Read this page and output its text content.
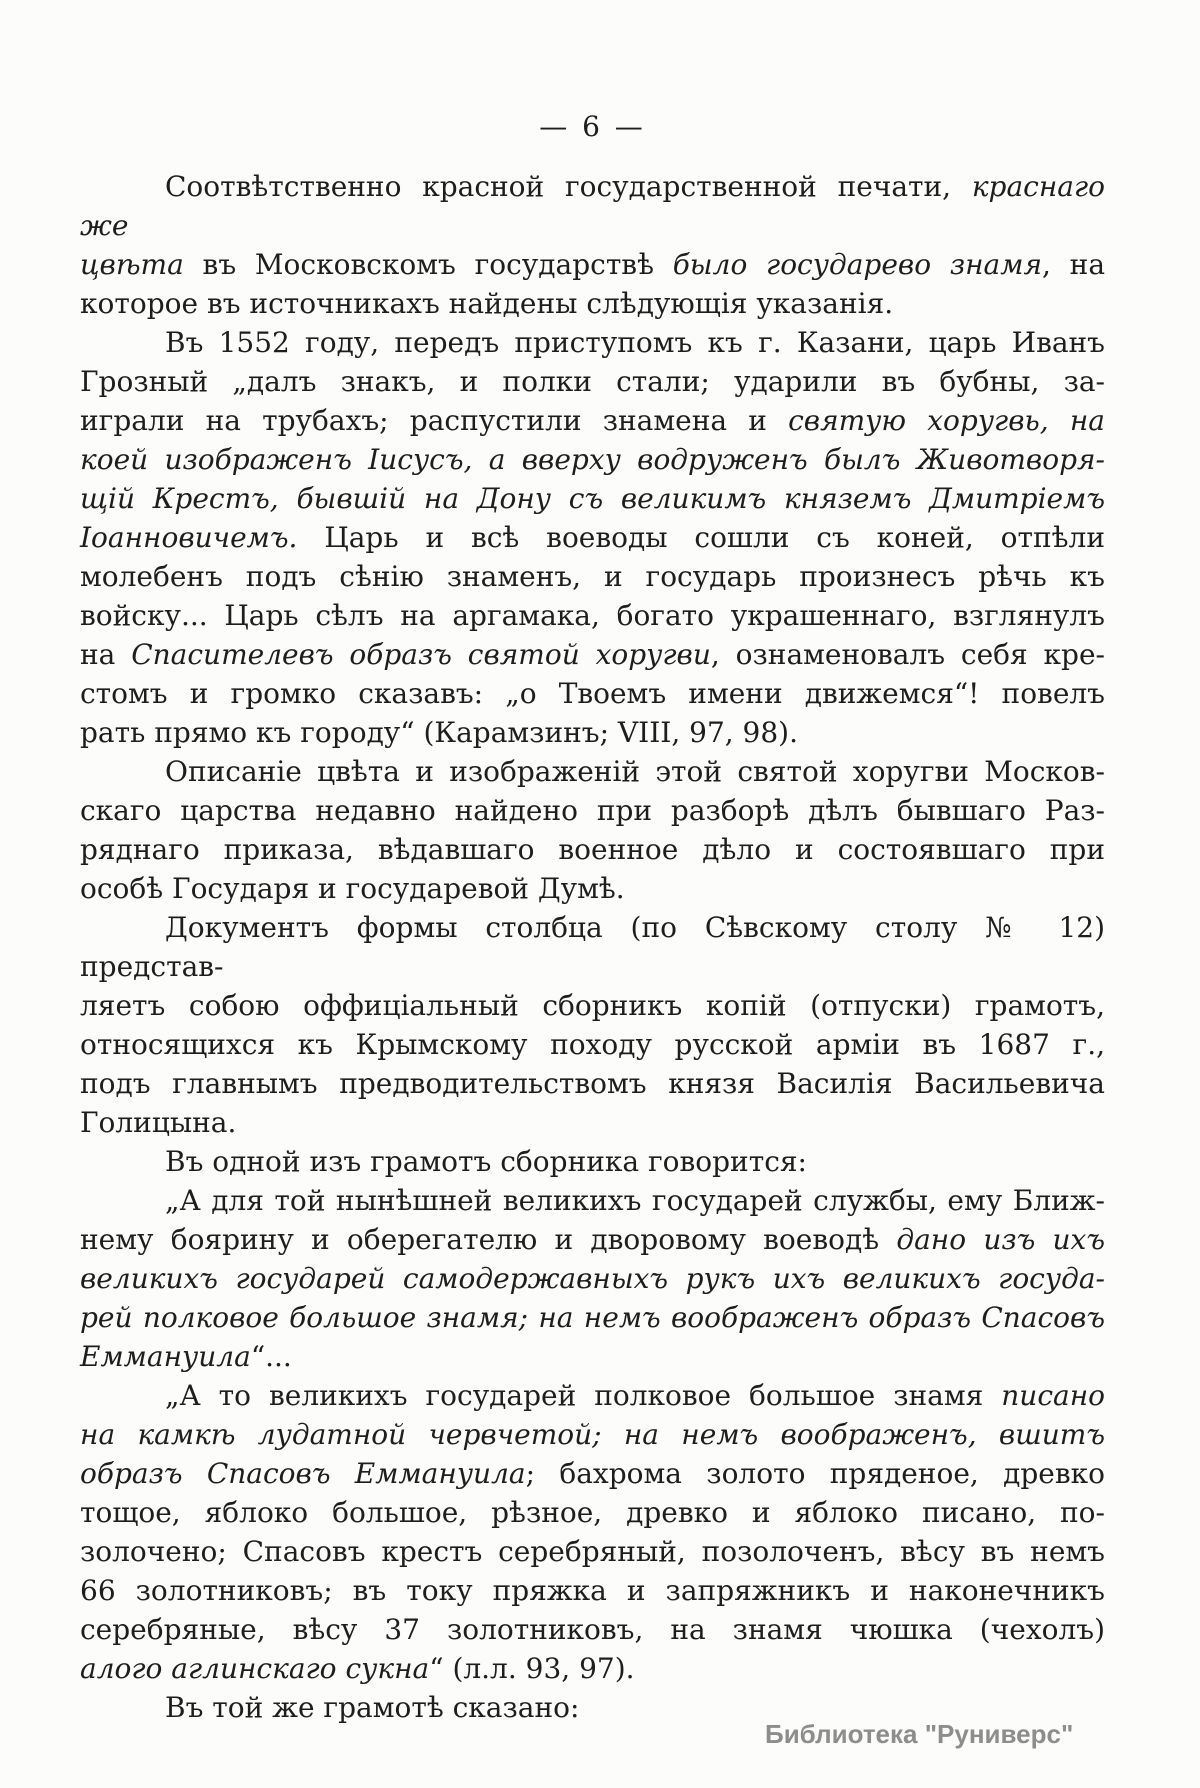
— 6 —
Соотвѣтственно красной государственной печати, краснаго же
цвѣта въ Московскомъ государствѣ было государево знамя, на
которое въ источникахъ найдены слѣдующія указанія.
Въ 1552 году, передъ приступомъ къ г. Казани, царь Иванъ
Грозный „далъ знакъ, и полки стали; ударили въ бубны, за-
играли на трубахъ; распустили знамена и святую хоругвь, на
коей изображенъ Іисусъ, а вверху водруженъ былъ Животворя-
щій Крестъ, бывшій на Дону съ великимъ княземъ Дмитріемъ
Іоанновичемъ. Царь и всѣ воеводы сошли съ коней, отпѣли
молебенъ подъ сѣнію знаменъ, и государь произнесъ рѣчь къ
войску... Царь сѣлъ на аргамака, богато украшеннаго, взглянулъ
на Спасителевъ образъ святой хоругви, ознаменовалъ себя кре-
стомъ и громко сказавъ: „о Твоемъ имени движемся“! повелъ
рать прямо къ городу“ (Карамзинъ; VIII, 97, 98).
Описаніе цвѣта и изображеній этой святой хоругви Москов-
скаго царства недавно найдено при разборѣ дѣлъ бывшаго Раз-
ряднаго приказа, вѣдавшаго военное дѣло и состоявшаго при
особѣ Государя и государевой Думѣ.
Документъ формы столбца (по Сѣвскому столу № 12) представ-
ляетъ собою оффиціальный сборникъ копій (отпуски) грамотъ,
относящихся къ Крымскому походу русской арміи въ 1687 г.,
подъ главнымъ предводительствомъ князя Василія Васильевича
Голицына.
Въ одной изъ грамотъ сборника говорится:
„А для той нынѣшней великихъ государей службы, ему Ближ-
нему боярину и оберегателю и дворовому воеводѣ дано изъ ихъ
великихъ государей самодержавныхъ рукъ ихъ великихъ госуда-
рей полковое большое знамя; на немъ воображенъ образъ Спасовъ
Еммануила“...
„А то великихъ государей полковое большое знамя писано
на камкѣ лудатной червчетой; на немъ воображенъ, вшитъ
образъ Спасовъ Еммануила; бахрома золото пряденое, древко
тощое, яблоко большое, рѣзное, древко и яблоко писано, по-
золочено; Спасовъ крестъ серебряный, позолоченъ, вѣсу въ немъ
66 золотниковъ; въ току пряжка и запряжникъ и наконечникъ
серебряные, вѣсу 37 золотниковъ, на знамя чюшка (чехолъ)
алого аглинскаго сукна“ (л.л. 93, 97).
Въ той же грамотѣ сказано:
Библиотека "Руниверс"
